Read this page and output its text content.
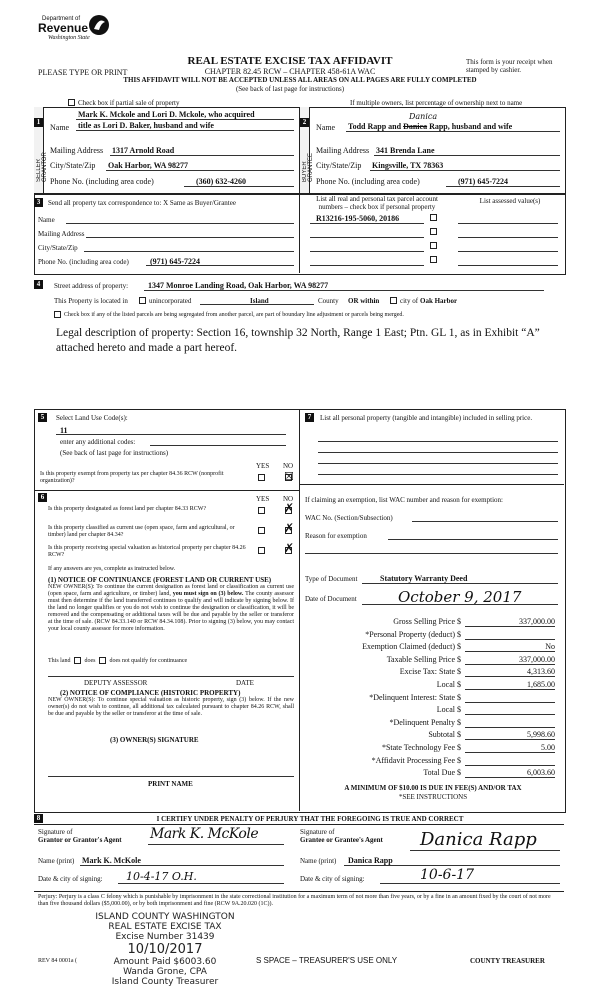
Department of
Revenue
Washington State
PLEASE TYPE OR PRINT
REAL ESTATE EXCISE TAX AFFIDAVIT
CHAPTER 82.45 RCW – CHAPTER 458-61A WAC
THIS AFFIDAVIT WILL NOT BE ACCEPTED UNLESS ALL AREAS ON ALL PAGES ARE FULLY COMPLETED
(See back of last page for instructions)
This form is your receipt when stamped by cashier.
Check box if partial sale of property	If multiple owners, list percentage of ownership next to name
1	2
SELLER GRANTOR	BUYER GRANTEE
Name
Mark K. Mckole and Lori D. Mckole, who acquired
title as Lori D. Baker, husband and wife
Mailing Address 1317 Arnold Road
City/State/Zip Oak Harbor, WA 98277
Phone No. (including area code)	(360) 632-4260
Name
Danica
Todd Rapp and Danica Rapp, husband and wife
Mailing Address 341 Brenda Lane
City/State/Zip Kingsville, TX 78363
Phone No. (including area code)	(971) 645-7224
3	Send all property tax correspondence to: X Same as Buyer/Grantee
Name
Mailing Address
City/State/Zip
Phone No. (including area code)	(971) 645-7224
List all real and personal tax parcel account numbers – check box if personal property
List assessed value(s)
R13216-195-5060, 20186
4	Street address of property: 1347 Monroe Landing Road, Oak Harbor, WA 98277
This Property is located in	unincorporated	Island	County OR within	city of Oak Harbor
Check box if any of the listed parcels are being segregated from another parcel, are part of boundary line adjustment or parcels being merged.
Legal description of property: Section 16, township 32 North, Range 1 East; Ptn. GL 1, as in Exhibit “A” attached hereto and made a part hereof.
5	Select Land Use Code(s):
11
enter any additional codes:
(See back of last page for instructions)
YES NO
Is this property exempt from property tax per chapter 84.36 RCW (nonprofit organization)?	☒
6	YES NO
Is this property designated as forest land per chapter 84.33 RCW?	✗
Is this property classified as current use (open space, farm and agricultural, or timber) land per chapter 84.34?	✗
Is this property receiving special valuation as historical property per chapter 84.26 RCW?	✗
If any answers are yes, complete as instructed below.
(1) NOTICE OF CONTINUANCE (FOREST LAND OR CURRENT USE)
NEW OWNER(S): To continue the current designation as forest land or classification as current use (open space, farm and agriculture, or timber) land, you must sign on (3) below. The county assessor must then determine if the land transferred continues to qualify and will indicate by signing below. If the land no longer qualifies or you do not wish to continue the designation or classification, it will be removed and the compensating or additional taxes will be due and payable by the seller or transferor at the time of sale. (RCW 84.33.140 or RCW 84.34.108). Prior to signing (3) below, you may contact your local county assessor for more information.
This land does does not qualify for continuance
DEPUTY ASSESSOR	DATE
(2) NOTICE OF COMPLIANCE (HISTORIC PROPERTY)
NEW OWNER(S): To continue special valuation as historic property, sign (3) below. If the new owner(s) do not wish to continue, all additional tax calculated pursuant to chapter 84.26 RCW, shall be due and payable by the seller or transferor at the time of sale.
(3) OWNER(S) SIGNATURE
PRINT NAME
7	List all personal property (tangible and intangible) included in selling price.
If claiming an exemption, list WAC number and reason for exemption:
WAC No. (Section/Subsection)
Reason for exemption
Type of Document	Statutory Warranty Deed
Date of Document	October 9, 2017
Gross Selling Price $	337,000.00
*Personal Property (deduct) $
Exemption Claimed (deduct) $	No
Taxable Selling Price $	337,000.00
Excise Tax: State $	4,313.60
Local $	1,685.00
*Delinquent Interest: State $
Local $
*Delinquent Penalty $
Subtotal $	5,998.60
*State Technology Fee $	5.00
*Affidavit Processing Fee $
Total Due $	6,003.60
A MINIMUM OF $10.00 IS DUE IN FEE(S) AND/OR TAX
*SEE INSTRUCTIONS
8	I CERTIFY UNDER PENALTY OF PERJURY THAT THE FOREGOING IS TRUE AND CORRECT
Signature of
Grantor or Grantor's Agent Mark K. McKole
Name (print) Mark K. McKole
Date & city of signing: 10-4-17 O.H.
Signature of
Grantee or Grantee's Agent Danica Rapp
Name (print) Danica Rapp
Date & city of signing:	10-6-17
Perjury: Perjury is a class C felony which is punishable by imprisonment in the state correctional institution for a maximum term of not more than five years, or by a fine in an amount fixed by the court of not more than five thousand dollars ($5,000.00), or by both imprisonment and fine (RCW 9A.20.020 (1C)).
ISLAND COUNTY WASHINGTON
REAL ESTATE EXCISE TAX
Excise Number 31439
10/10/2017
Amount Paid $6003.60
Wanda Grone, CPA
Island County Treasurer
REV 84 0001a (	S SPACE – TREASURER'S USE ONLY	COUNTY TREASURER
